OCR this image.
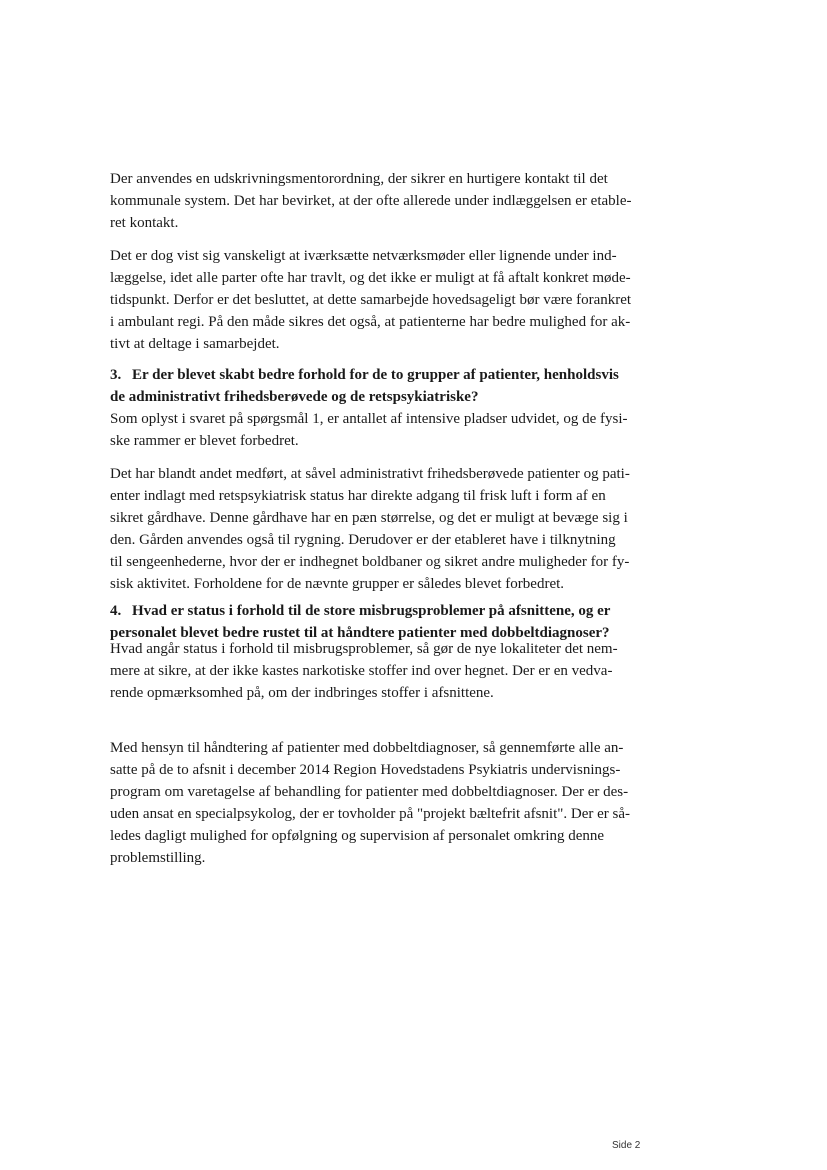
Der anvendes en udskrivningsmentorordning, der sikrer en hurtigere kontakt til det
kommunale system. Det har bevirket, at der ofte allerede under indlæggelsen er etable-
ret kontakt.

Det er dog vist sig vanskeligt at iværksætte netværksmøder eller lignende under ind-
læggelse, idet alle parter ofte har travlt, og det ikke er muligt at få aftalt konkret møde-
tidspunkt. Derfor er det besluttet, at dette samarbejde hovedsageligt bør være forankret
i ambulant regi. På den måde sikres det også, at patienterne har bedre mulighed for ak-
tivt at deltage i samarbejdet.

3. Er der blevet skabt bedre forhold for de to grupper af patienter, henholdsvis
de administrativt frihedsberøvede og de retspsykiatriske?

Som oplyst i svaret på spørgsmål 1, er antallet af intensive pladser udvidet, og de fysi-
ske rammer er blevet forbedret.

Det har blandt andet medført, at såvel administrativt frihedsberøvede patienter og pati-
enter indlagt med retspsykiatrisk status har direkte adgang til frisk luft i form af en
sikret gårdhave. Denne gårdhave har en pæn størrelse, og det er muligt at bevæge sig i
den. Gården anvendes også til rygning. Derudover er der etableret have i tilknytning
til sengeenhederne, hvor der er indhegnet boldbaner og sikret andre muligheder for fy-
sisk aktivitet. Forholdene for de nævnte grupper er således blevet forbedret.

4. Hvad er status i forhold til de store misbrugsproblemer på afsnittene, og er
personalet blevet bedre rustet til at håndtere patienter med dobbeltdiagnoser?

Hvad angår status i forhold til misbrugsproblemer, så gør de nye lokaliteter det nem-
mere at sikre, at der ikke kastes narkotiske stoffer ind over hegnet. Der er en vedva-
rende opmærksomhed på, om der indbringes stoffer i afsnittene.

Med hensyn til håndtering af patienter med dobbeltdiagnoser, så gennemførte alle an-
satte på de to afsnit i december 2014 Region Hovedstadens Psykiatris undervisnings-
program om varetagelse af behandling for patienter med dobbeltdiagnoser. Der er des-
uden ansat en specialpsykolog, der er tovholder på "projekt bæltefrit afsnit". Der er så-
ledes dagligt mulighed for opfølgning og supervision af personalet omkring denne
problemstilling.

Side 2
